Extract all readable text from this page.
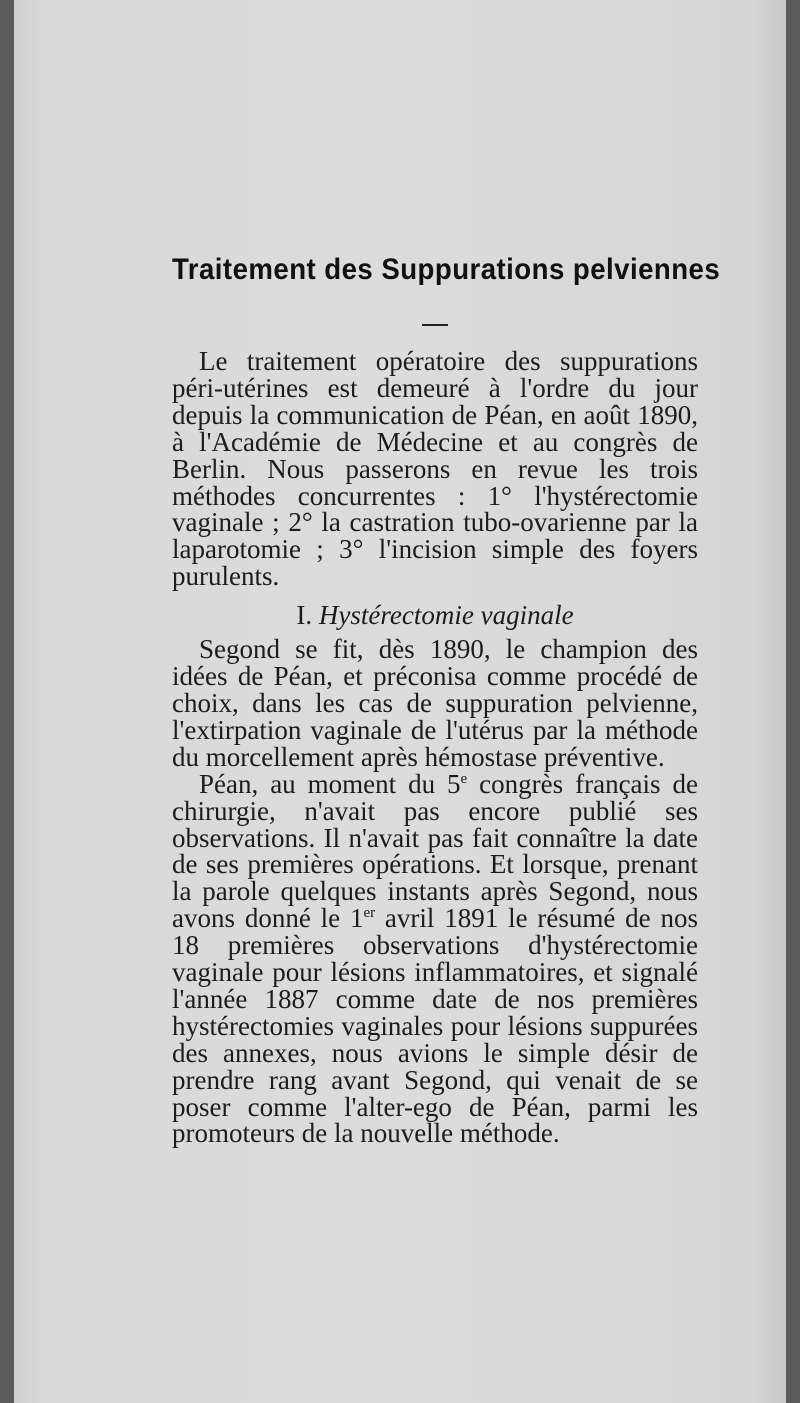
Traitement des Suppurations pelviennes

Le traitement opératoire des suppurations péri-utérines est demeuré à l'ordre du jour depuis la communication de Péan, en août 1890, à l'Académie de Médecine et au congrès de Berlin. Nous passerons en revue les trois méthodes concurrentes : 1° l'hystérectomie vaginale ; 2° la castration tubo-ovarienne par la laparotomie ; 3° l'incision simple des foyers purulents.

I. Hystérectomie vaginale

Segond se fit, dès 1890, le champion des idées de Péan, et préconisa comme procédé de choix, dans les cas de suppuration pelvienne, l'extirpation vaginale de l'utérus par la méthode du morcellement après hémostase préventive.

Péan, au moment du 5e congrès français de chirurgie, n'avait pas encore publié ses observations. Il n'avait pas fait connaître la date de ses premières opérations. Et lorsque, prenant la parole quelques instants après Segond, nous avons donné le 1er avril 1891 le résumé de nos 18 premières observations d'hystérectomie vaginale pour lésions inflammatoires, et signalé l'année 1887 comme date de nos premières hystérectomies vaginales pour lésions suppurées des annexes, nous avions le simple désir de prendre rang avant Segond, qui venait de se poser comme l'alter-ego de Péan, parmi les promoteurs de la nouvelle méthode.
